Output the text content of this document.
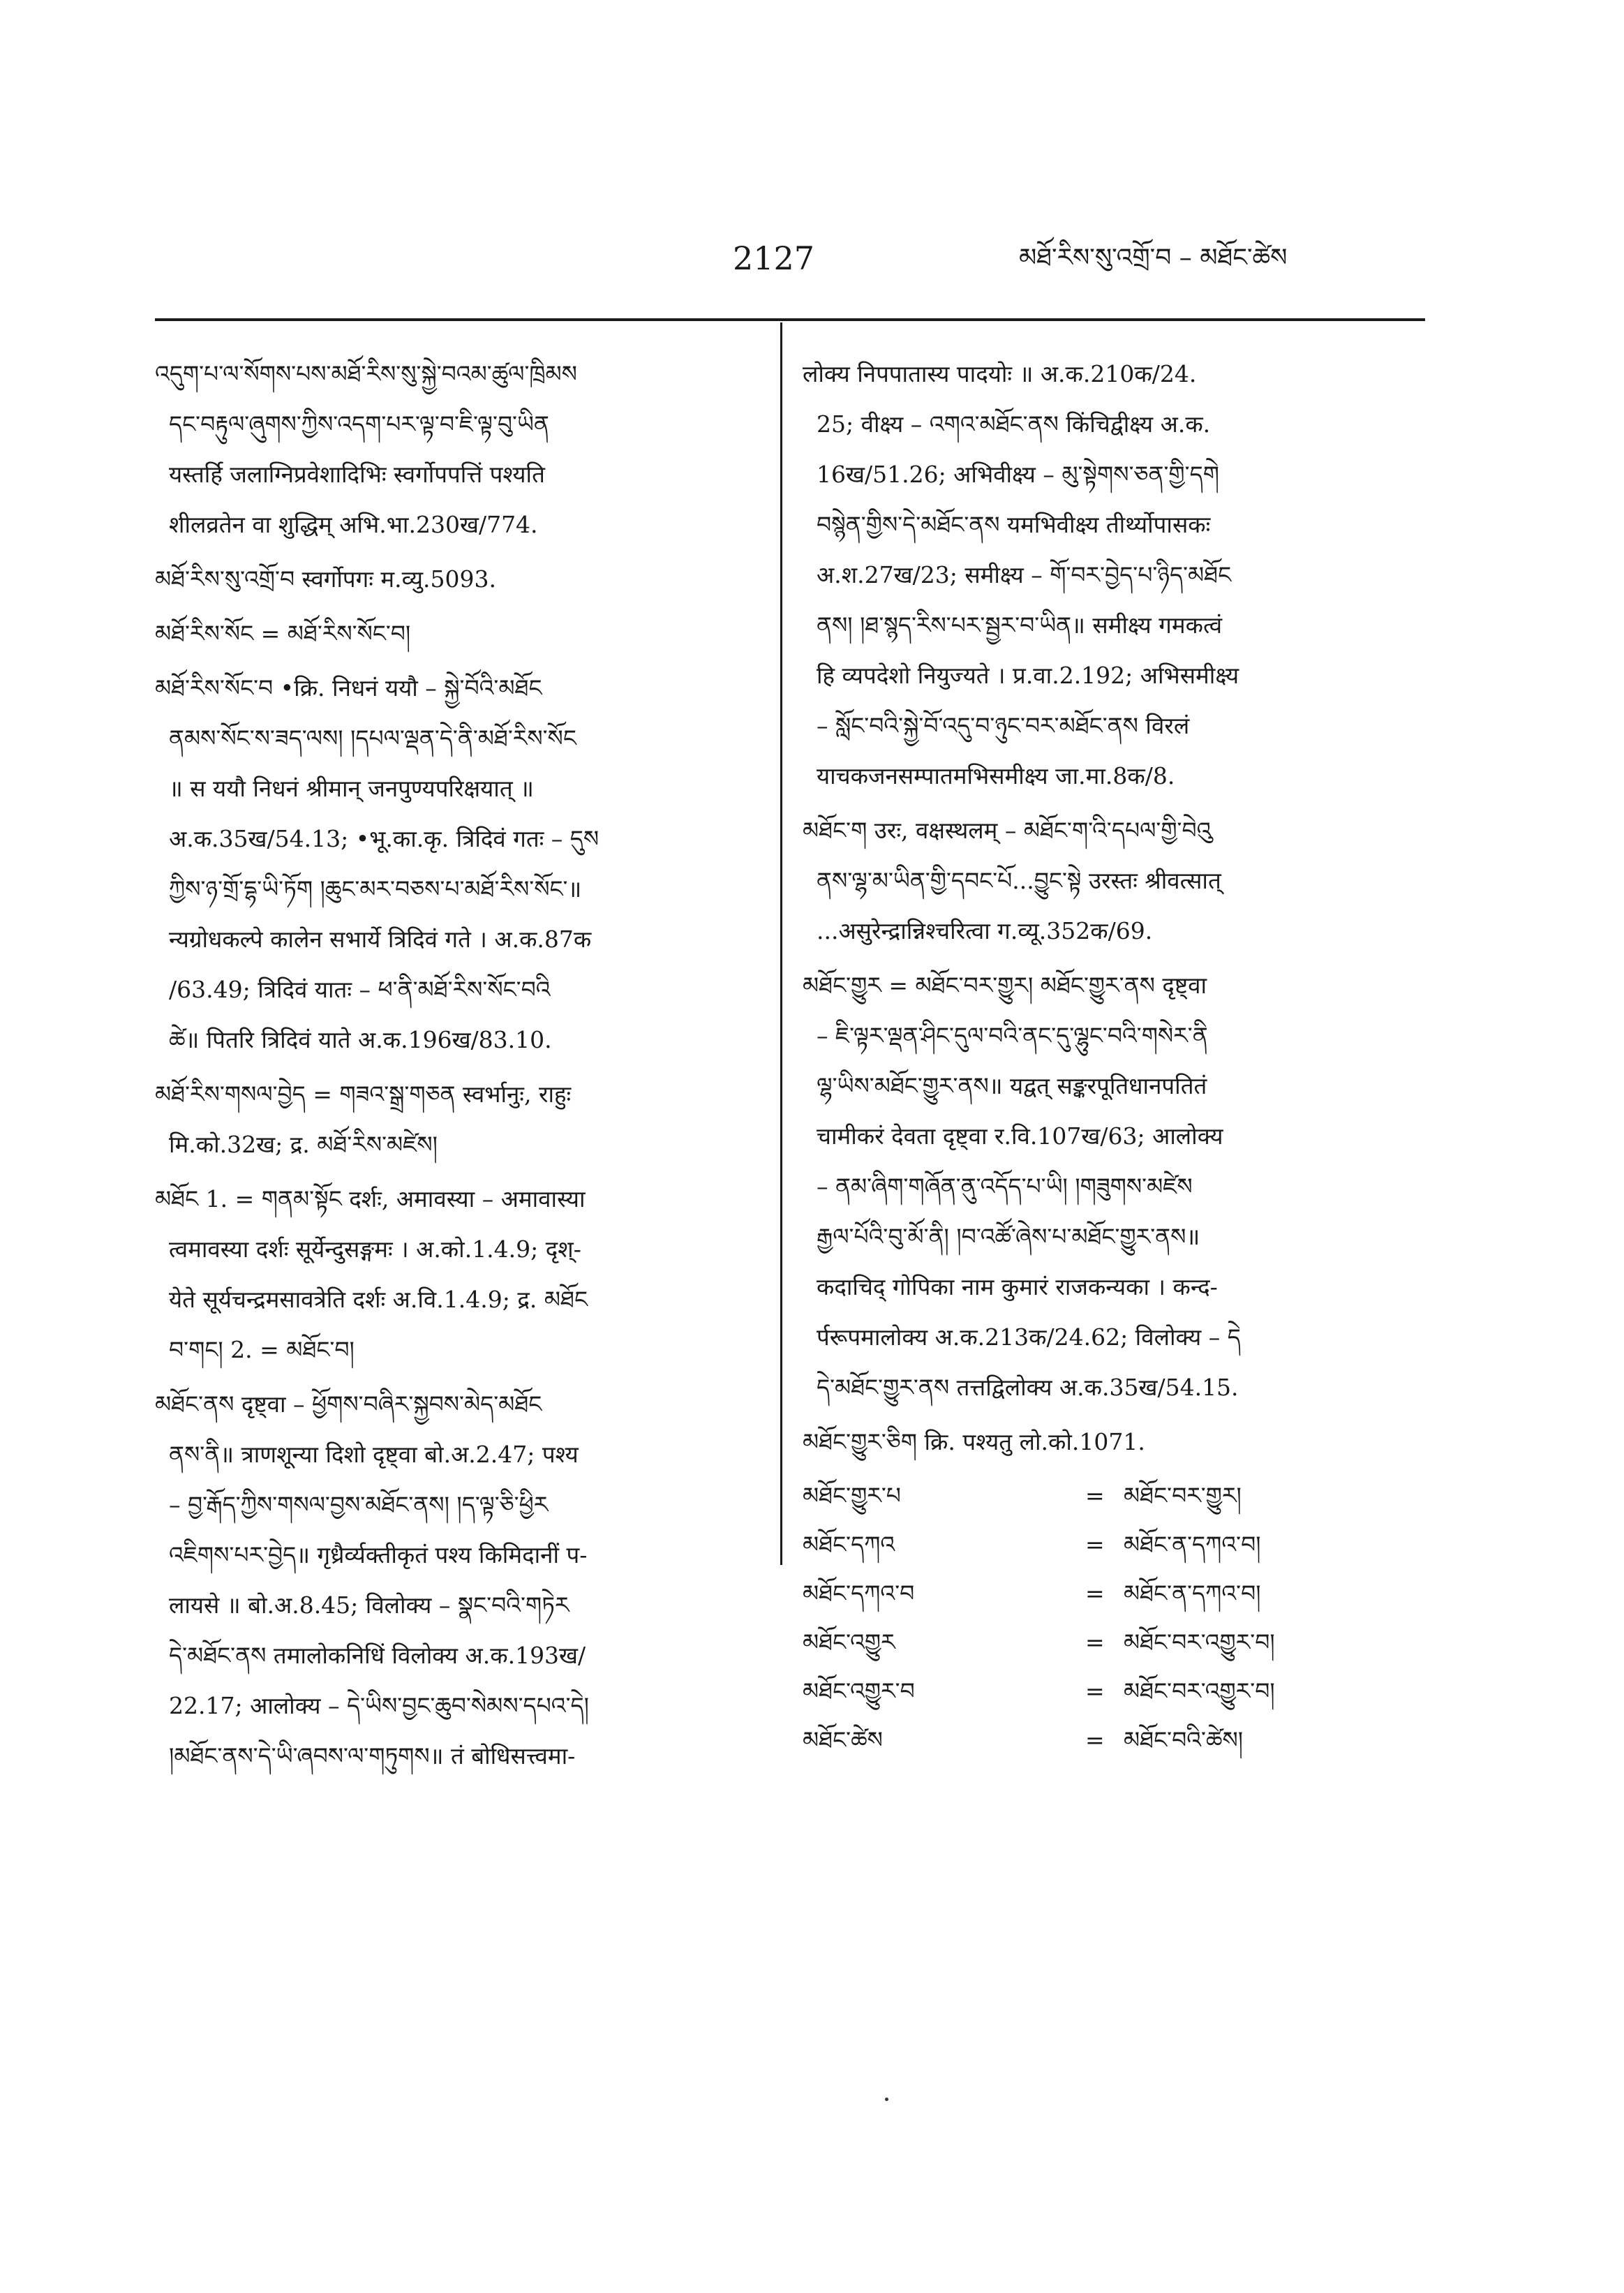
2127	མཐོ་རིས་སུ་འགྲོ་བ – མཐོང་ཚེས
འདུག་པ་ལ་སོགས་པས་མཐོ་རིས་སུ་སྐྱེ་བའམ་ཚུལ་ཁྲིམས
དང་བརྟུལ་ཞུགས་ཀྱིས་འདག་པར་ལྟ་བ་ཇི་ལྟ་བུ་ཡིན
यस्तर्हि जलाग्निप्रवेशादिभिः स्वर्गोपपत्तिं पश्यति
शीलव्रतेन वा शुद्धिम् अभि.भा.230ख/774.
མཐོ་རིས་སུ་འགྲོ་བ स्वर्गोपगः म.व्यु.5093.
མཐོ་རིས་སོང = མཐོ་རིས་སོང་བ།
མཐོ་རིས་སོང་བ •क्रि. निधनं ययौ – སྐྱེ་བོའི་མཐོང
ནམས་སོང་ས་ཟད་ལས། །དཔལ་ལྡན་དེ་ནི་མཐོ་རིས་སོང
॥ स ययौ निधनं श्रीमान् जनपुण्यपरिक्षयात् ॥
अ.क.35ख/54.13; •भू.का.कृ. त्रिदिवं गतः – དུས
ཀྱིས་ཉ་གྲོ་དྷ་ཡི་ཏོག །ཆུང་མར་བཅས་པ་མཐོ་རིས་སོང་॥
न्यग्रोधकल्पे कालेन सभार्ये त्रिदिवं गते । अ.क.87क
/63.49; त्रिदिवं यातः – ཕ་ནི་མཐོ་རིས་སོང་བའི
ཚེ॥ पितरि त्रिदिवं याते अ.क.196ख/83.10.
མཐོ་རིས་གསལ་བྱེད = གཟའ་སྒྲ་གཅན स्वर्भानुः, राहुः
मि.को.32ख; द्र. མཐོ་རིས་མཛེས།
མཐོང 1. = གནམ་སྟོང दर्शः, अमावस्या – अमावास्या
त्वमावस्या दर्शः सूर्येन्दुसङ्गमः । अ.को.1.4.9; दृश्-
येते सूर्यचन्द्रमसावत्रेति दर्शः अ.वि.1.4.9; द्र. མཐོང
བ་གང། 2. = མཐོང་བ།
མཐོང་ནས दृष्ट्वा – ཕྱོགས་བཞིར་སྐྱབས་མེད་མཐོང
ནས་ནི॥ त्राणशून्या दिशो दृष्ट्वा बो.अ.2.47; पश्य
– བྱ་རྒོད་ཀྱིས་གསལ་བྱས་མཐོང་ནས། །ད་ལྟ་ཅི་ཕྱིར
འཇིགས་པར་བྱེད॥ गृध्रैर्व्यक्तीकृतं पश्य किमिदानीं प-
लायसे ॥ बो.अ.8.45; विलोक्य – སྣང་བའི་གཏེར
དེ་མཐོང་ནས तमालोकनिधिं विलोक्य अ.क.193ख/
22.17; आलोक्य – དེ་ཡིས་བྱང་ཆུབ་སེམས་དཔའ་དེ།
།མཐོང་ནས་དེ་ཡི་ཞབས་ལ་གཏུགས॥ तं बोधिसत्त्वमा-
लोक्य निपपातास्य पादयोः ॥ अ.क.210क/24.
25; वीक्ष्य – འགའ་མཐོང་ནས किंचिद्वीक्ष्य अ.क.
16ख/51.26; अभिवीक्ष्य – མུ་སྟེགས་ཅན་གྱི་དགེ
བསྙེན་གྱིས་དེ་མཐོང་ནས यमभिवीक्ष्य तीर्थ्योपासकः
अ.श.27ख/23; समीक्ष्य – གོ་བར་བྱེད་པ་ཉིད་མཐོང
ནས། །ཐ་སྙད་རིས་པར་སྦྱར་བ་ཡིན॥ समीक्ष्य गमकत्वं
हि व्यपदेशो नियुज्यते । प्र.वा.2.192; अभिसमीक्ष्य
– སློང་བའི་སྐྱེ་བོ་འདུ་བ་ཉུང་བར་མཐོང་ནས विरलं
याचकजनसम्पातमभिसमीक्ष्य जा.मा.8क/8.
མཐོང་ག उरः, वक्षस्थलम् – མཐོང་ག་འི་དཔལ་གྱི་བེའུ
ནས་ལྷ་མ་ཡིན་གྱི་དབང་པོ...བྱུང་སྟེ उरस्तः श्रीवत्सात्
...असुरेन्द्रान्निश्चरित्वा ग.व्यू.352क/69.
མཐོང་གྱུར = མཐོང་བར་གྱུར། མཐོང་གྱུར་ནས दृष्ट्वा
– ཇི་ལྟར་ལྡན་ཤིང་དུལ་བའི་ནང་དུ་ལྷུང་བའི་གསེར་ནི
ལྷ་ཡིས་མཐོང་གྱུར་ནས॥ यद्वत् सङ्करपूतिधानपतितं
चामीकरं देवता दृष्ट्वा र.वि.107ख/63; आलोक्य
– ནམ་ཞིག་གཞོན་ནུ་འདོད་པ་ཡི། །གཟུགས་མཛེས
རྒྱལ་པོའི་བུ་མོ་ནི། །བ་འཚོ་ཞེས་པ་མཐོང་གྱུར་ནས॥
कदाचिद् गोपिका नाम कुमारं राजकन्यका । कन्द-
र्परूपमालोक्य अ.क.213क/24.62; विलोक्य – དེ
དེ་མཐོང་གྱུར་ནས तत्तद्विलोक्य अ.क.35ख/54.15.
མཐོང་གྱུར་ཅིག क्रि. पश्यतु लो.को.1071.
མཐོང་གྱུར་པ	= མཐོང་བར་གྱུར།
མཐོང་དཀའ	= མཐོང་ན་དཀའ་བ།
མཐོང་དཀའ་བ	= མཐོང་ན་དཀའ་བ།
མཐོང་འགྱུར	= མཐོང་བར་འགྱུར་བ།
མཐོང་འགྱུར་བ	= མཐོང་བར་འགྱུར་བ།
མཐོང་ཚེས	= མཐོང་བའི་ཚེས།
